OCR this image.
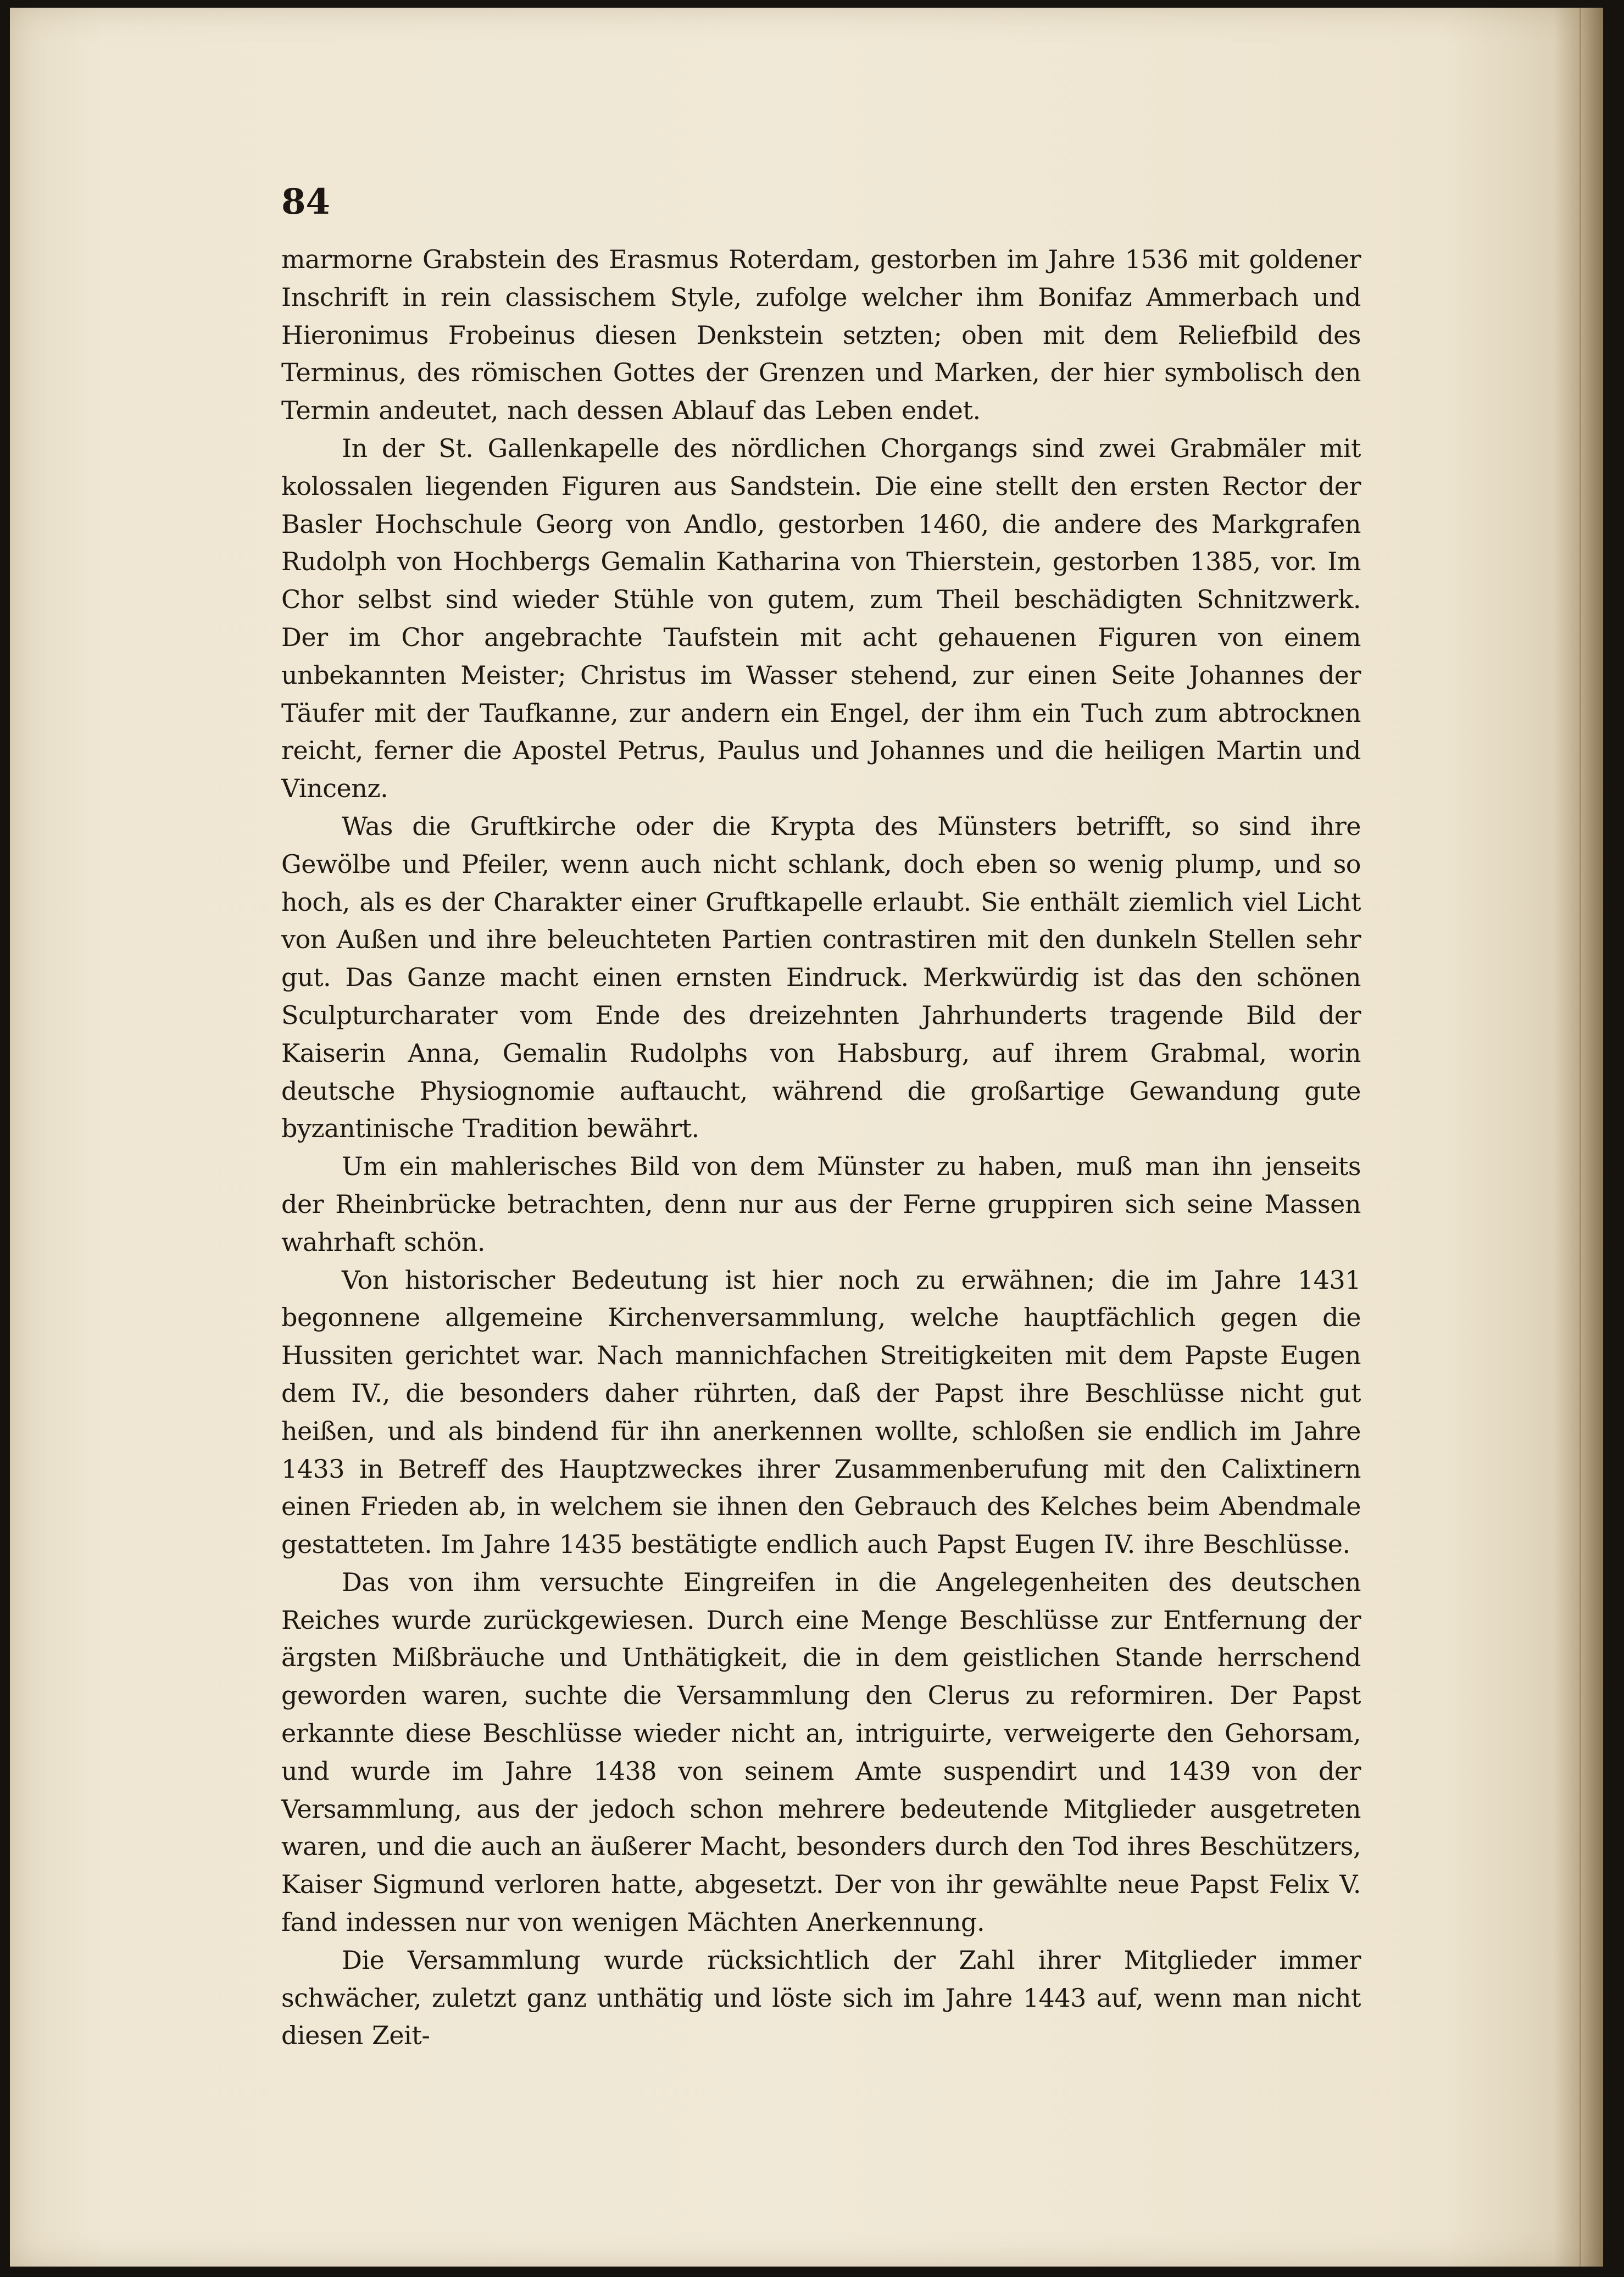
84

marmorne Grabstein des Erasmus Roterdam, gestorben im Jahre 1536 mit goldener Inschrift in rein classischem Style, zufolge welcher ihm Bonifaz Ammerbach und Hieronimus Frobeinus diesen Denkstein setzten; oben mit dem Reliefbild des Terminus, des römischen Gottes der Grenzen und Marken, der hier symbolisch den Termin andeutet, nach dessen Ablauf das Leben endet.

In der St. Gallenkapelle des nördlichen Chorgangs sind zwei Grabmäler mit kolossalen liegenden Figuren aus Sandstein. Die eine stellt den ersten Rector der Basler Hochschule Georg von Andlo, gestorben 1460, die andere des Markgrafen Rudolph von Hochbergs Gemalin Katharina von Thierstein, gestorben 1385, vor. Im Chor selbst sind wieder Stühle von gutem, zum Theil beschädigten Schnitzwerk. Der im Chor angebrachte Taufstein mit acht gehauenen Figuren von einem unbekannten Meister; Christus im Wasser stehend, zur einen Seite Johannes der Täufer mit der Taufkanne, zur andern ein Engel, der ihm ein Tuch zum abtrocknen reicht, ferner die Apostel Petrus, Paulus und Johannes und die heiligen Martin und Vincenz.

Was die Gruftkirche oder die Krypta des Münsters betrifft, so sind ihre Gewölbe und Pfeiler, wenn auch nicht schlank, doch eben so wenig plump, und so hoch, als es der Charakter einer Gruftkapelle erlaubt. Sie enthält ziemlich viel Licht von Außen und ihre beleuchteten Partien contrastiren mit den dunkeln Stellen sehr gut. Das Ganze macht einen ernsten Eindruck. Merkwürdig ist das den schönen Sculpturcharater vom Ende des dreizehnten Jahrhunderts tragende Bild der Kaiserin Anna, Gemalin Rudolphs von Habsburg, auf ihrem Grabmal, worin deutsche Physiognomie auftaucht, während die großartige Gewandung gute byzantinische Tradition bewährt.

Um ein mahlerisches Bild von dem Münster zu haben, muß man ihn jenseits der Rheinbrücke betrachten, denn nur aus der Ferne gruppiren sich seine Massen wahrhaft schön.

Von historischer Bedeutung ist hier noch zu erwähnen; die im Jahre 1431 begonnene allgemeine Kirchenversammlung, welche hauptfächlich gegen die Hussiten gerichtet war. Nach mannichfachen Streitigkeiten mit dem Papste Eugen dem IV., die besonders daher rührten, daß der Papst ihre Beschlüsse nicht gut heißen, und als bindend für ihn anerkennen wollte, schloßen sie endlich im Jahre 1433 in Betreff des Hauptzweckes ihrer Zusammenberufung mit den Calixtinern einen Frieden ab, in welchem sie ihnen den Gebrauch des Kelches beim Abendmale gestatteten. Im Jahre 1435 bestätigte endlich auch Papst Eugen IV. ihre Beschlüsse.

Das von ihm versuchte Eingreifen in die Angelegenheiten des deutschen Reiches wurde zurückgewiesen. Durch eine Menge Beschlüsse zur Entfernung der ärgsten Mißbräuche und Unthätigkeit, die in dem geistlichen Stande herrschend geworden waren, suchte die Versammlung den Clerus zu reformiren. Der Papst erkannte diese Beschlüsse wieder nicht an, intriguirte, verweigerte den Gehorsam, und wurde im Jahre 1438 von seinem Amte suspendirt und 1439 von der Versammlung, aus der jedoch schon mehrere bedeutende Mitglieder ausgetreten waren, und die auch an äußerer Macht, besonders durch den Tod ihres Beschützers, Kaiser Sigmund verloren hatte, abgesetzt. Der von ihr gewählte neue Papst Felix V. fand indessen nur von wenigen Mächten Anerkennung.

Die Versammlung wurde rücksichtlich der Zahl ihrer Mitglieder immer schwächer, zuletzt ganz unthätig und löste sich im Jahre 1443 auf, wenn man nicht diesen Zeit-
